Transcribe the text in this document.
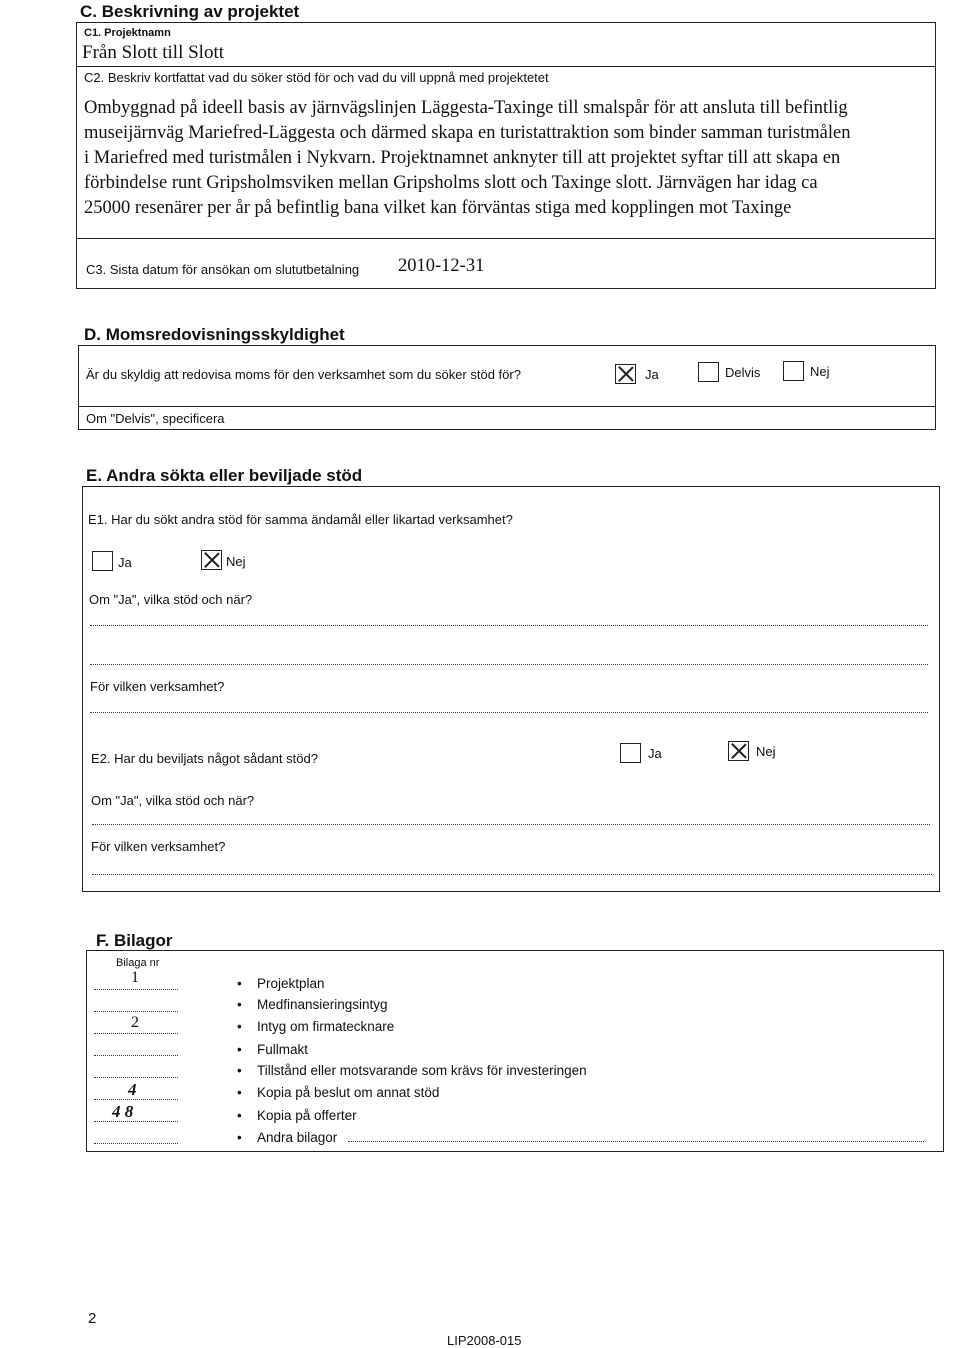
C. Beskrivning av projektet
C1. Projektnamn
Från Slott till Slott
C2. Beskriv kortfattat vad du söker stöd för och vad du vill uppnå med projektetet
Ombyggnad på ideell basis av järnvägslinjen Läggesta-Taxinge till smalspår för att ansluta till befintlig
museijärnväg Mariefred-Läggesta och därmed skapa en turistattraktion som binder samman turistmålen
i Mariefred med turistmålen i Nykvarn. Projektnamnet anknyter till att projektet syftar till att skapa en
förbindelse runt Gripsholmsviken mellan Gripsholms slott och Taxinge slott. Järnvägen har idag ca
25000 resenärer per år på befintlig bana vilket kan förväntas stiga med kopplingen mot Taxinge
C3. Sista datum för ansökan om slututbetalning 2010-12-31
D. Momsredovisningsskyldighet
Är du skyldig att redovisa moms för den verksamhet som du söker stöd för?	Ja	Delvis	Nej
Om "Delvis", specificera
E. Andra sökta eller beviljade stöd
E1. Har du sökt andra stöd för samma ändamål eller likartad verksamhet?
Ja	Nej
Om "Ja", vilka stöd och när?
För vilken verksamhet?
E2. Har du beviljats något sådant stöd?	Ja	Nej
Om "Ja", vilka stöd och när?
För vilken verksamhet?
F. Bilagor
Bilaga nr
1	• Projektplan
• Medfinansieringsintyg
2	• Intyg om firmatecknare
• Fullmakt
• Tillstånd eller motsvarande som krävs för investeringen
4	• Kopia på beslut om annat stöd
4 8	• Kopia på offerter
• Andra bilagor
2
LIP2008-015
